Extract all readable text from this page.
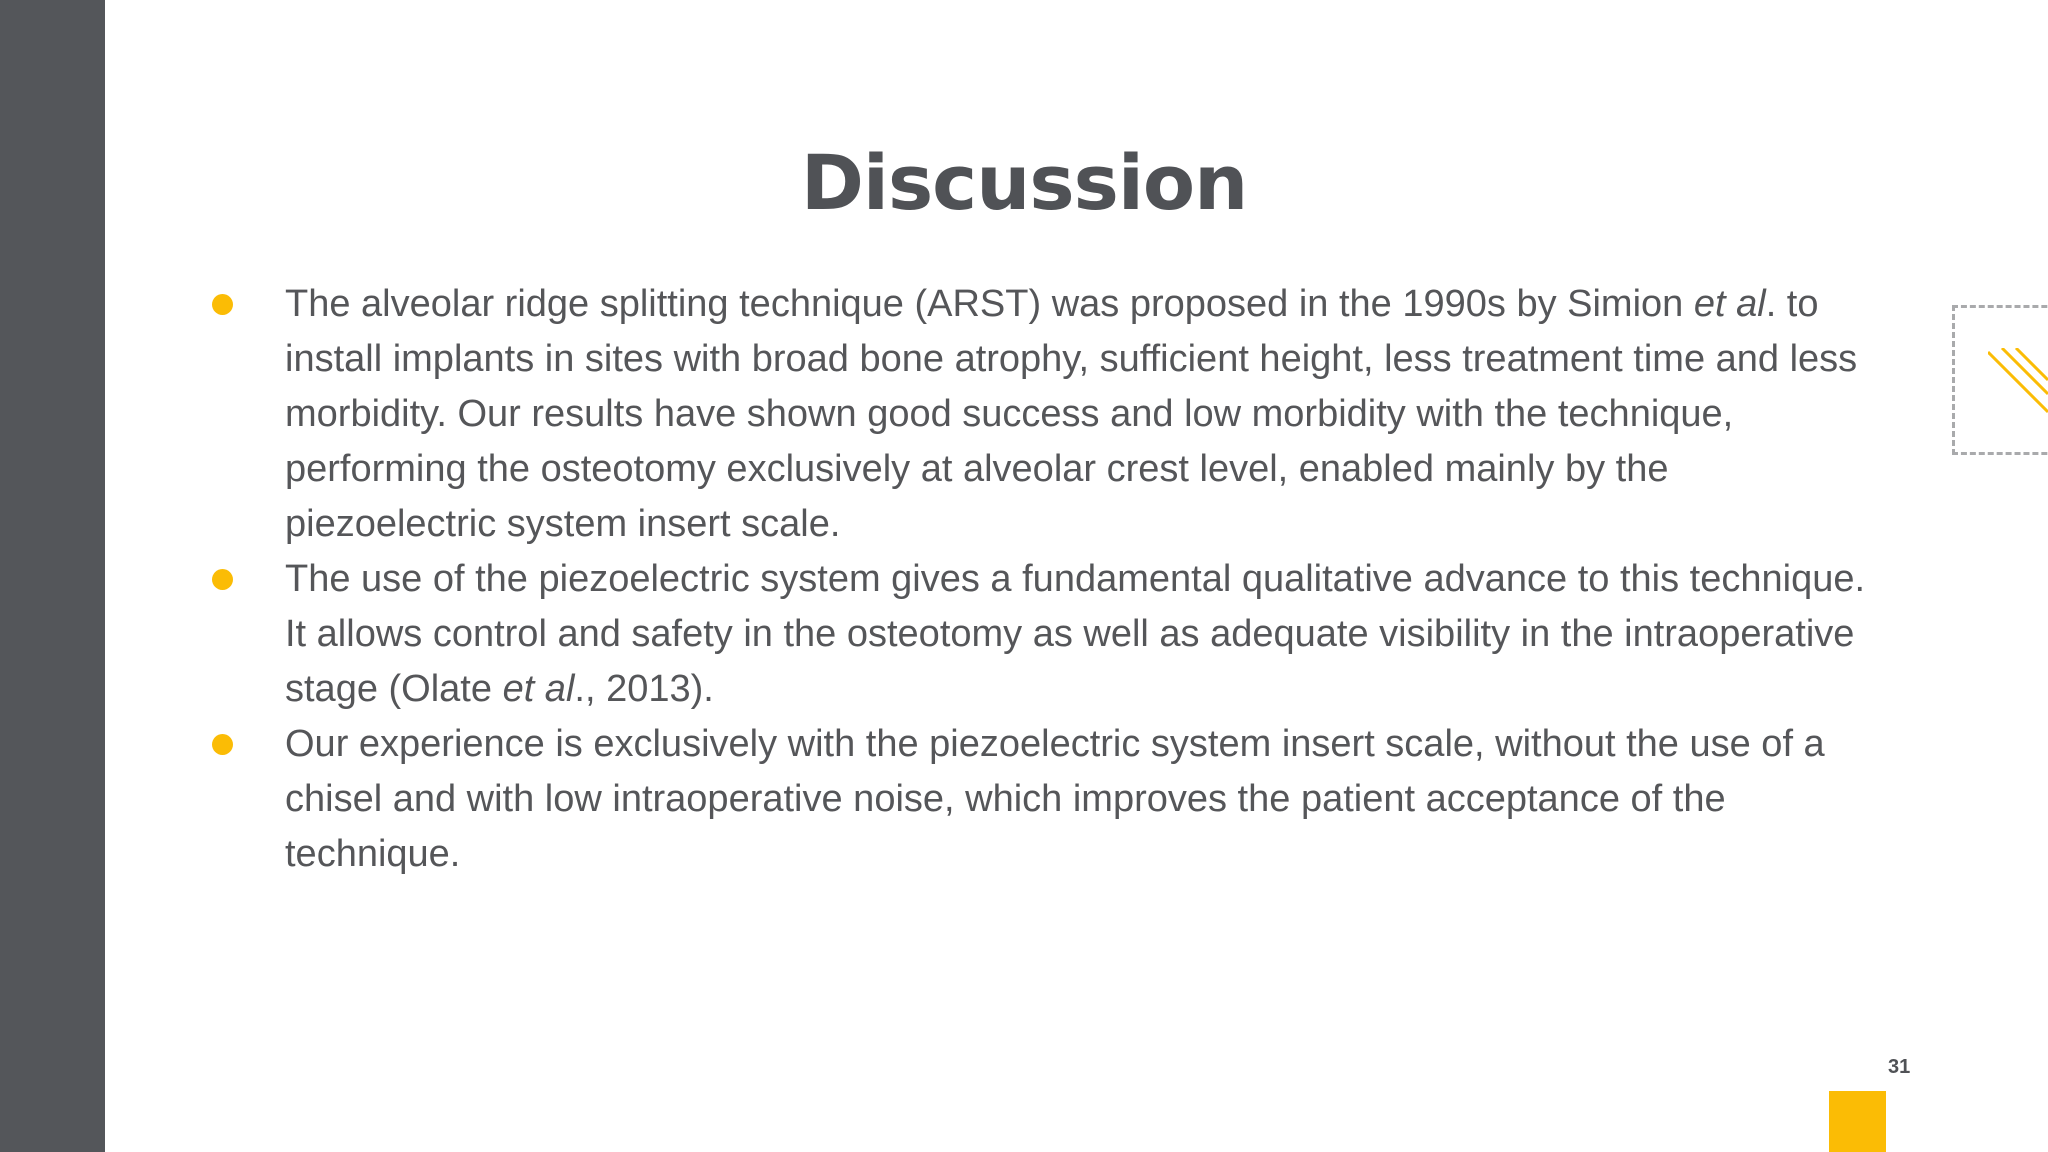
Discussion
The alveolar ridge splitting technique (ARST) was proposed in the 1990s by Simion et al. to install implants in sites with broad bone atrophy, sufficient height, less treatment time and less morbidity. Our results have shown good success and low morbidity with the technique, performing the osteotomy exclusively at alveolar crest level, enabled mainly by the piezoelectric system insert scale.
The use of the piezoelectric system gives a fundamental qualitative advance to this technique. It allows control and safety in the osteotomy as well as adequate visibility in the intraoperative stage (Olate et al., 2013).
Our experience is exclusively with the piezoelectric system insert scale, without the use of a chisel and with low intraoperative noise, which improves the patient acceptance of the technique.
31
